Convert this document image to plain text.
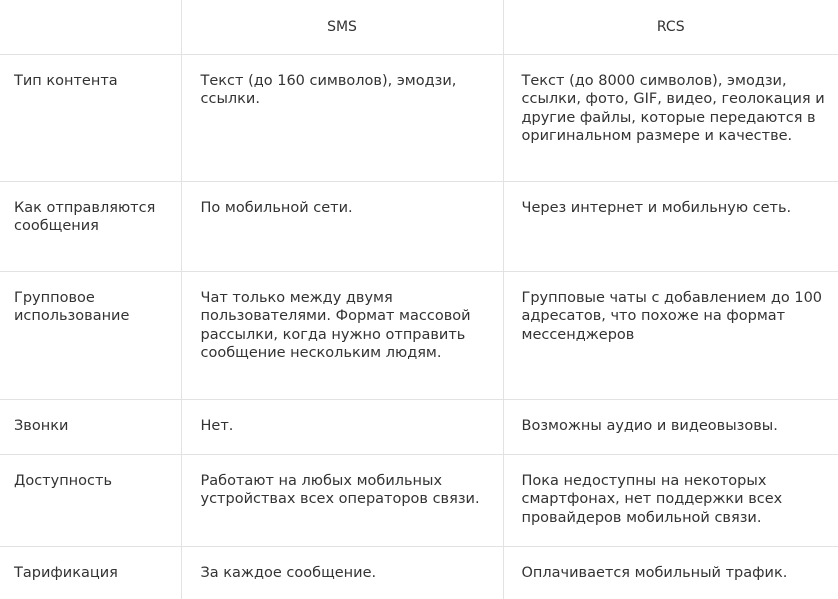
	SMS	RCS

Тип контента	Текст (до 160 символов), эмодзи, ссылки.	Текст (до 8000 символов), эмодзи, ссылки, фото, GIF, видео, геолокация и другие файлы, которые передаются в оригинальном размере и качестве.

Как отправляются сообщения	По мобильной сети.	Через интернет и мобильную сеть.

Групповое использование	Чат только между двумя пользователями. Формат массовой рассылки, когда нужно отправить сообщение нескольким людям.	Групповые чаты с добавлением до 100 адресатов, что похоже на формат мессенджеров

Звонки	Нет.	Возможны аудио и видеовызовы.

Доступность	Работают на любых мобильных устройствах всех операторов связи.	Пока недоступны на некоторых смартфонах, нет поддержки всех провайдеров мобильной связи.

Тарификация	За каждое сообщение.	Оплачивается мобильный трафик.
